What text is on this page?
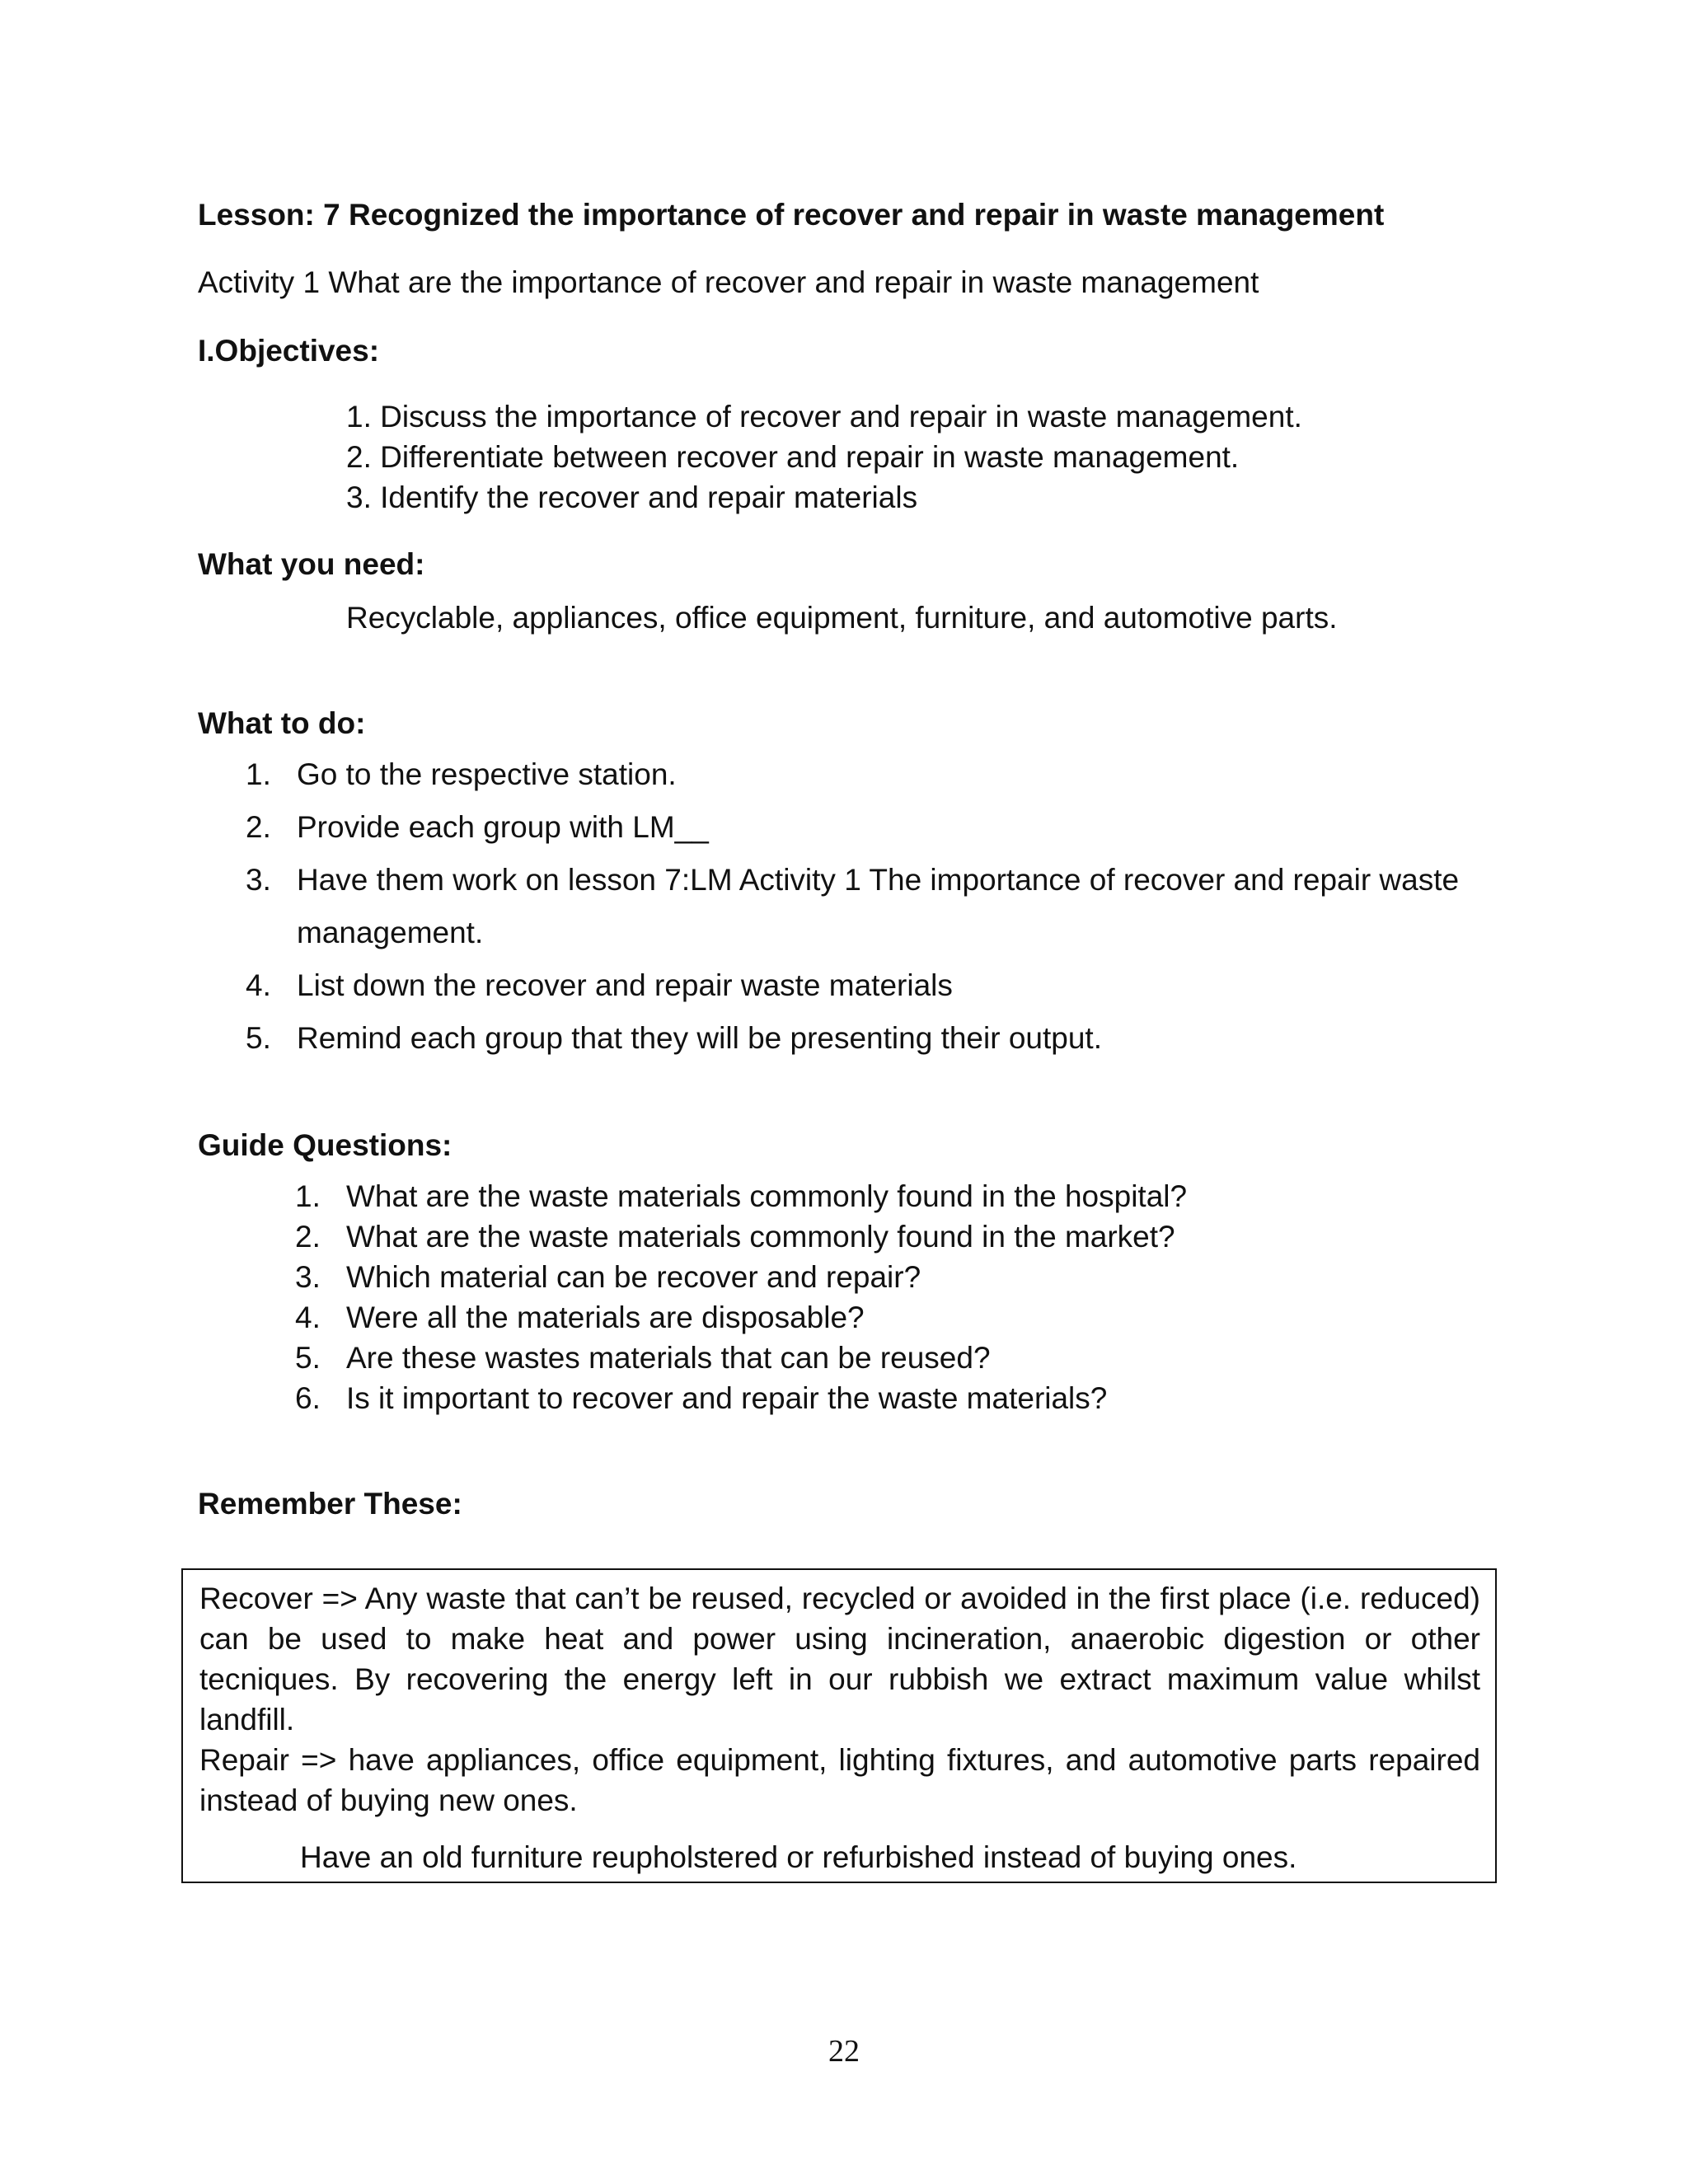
Lesson: 7 Recognized the importance of recover and repair in waste management

Activity 1 What are the importance of recover and repair in waste management

I.Objectives:

1. Discuss the importance of recover and repair in waste management.
2. Differentiate between recover and repair in waste management.
3. Identify the recover and repair materials

What you need:

Recyclable, appliances, office equipment, furniture, and automotive parts.

What to do:

1. Go to the respective station.
2. Provide each group with LM__
3. Have them work on lesson 7:LM Activity 1 The importance of recover and repair waste
management.
4. List down the recover and repair waste materials
5. Remind each group that they will be presenting their output.

Guide Questions:

1. What are the waste materials commonly found in the hospital?
2. What are the waste materials commonly found in the market?
3. Which material can be recover and repair?
4. Were all the materials are disposable?
5. Are these wastes materials that can be reused?
6. Is it important to recover and repair the waste materials?

Remember These:

Recover => Any waste that can’t be reused, recycled or avoided in the first place (i.e. reduced) can be used to make heat and power using incineration, anaerobic digestion or other tecniques. By recovering the energy left in our rubbish we extract maximum value whilst landfill.

Repair => have appliances, office equipment, lighting fixtures, and automotive parts repaired instead of buying new ones.

Have an old furniture reupholstered or refurbished instead of buying ones.

22
